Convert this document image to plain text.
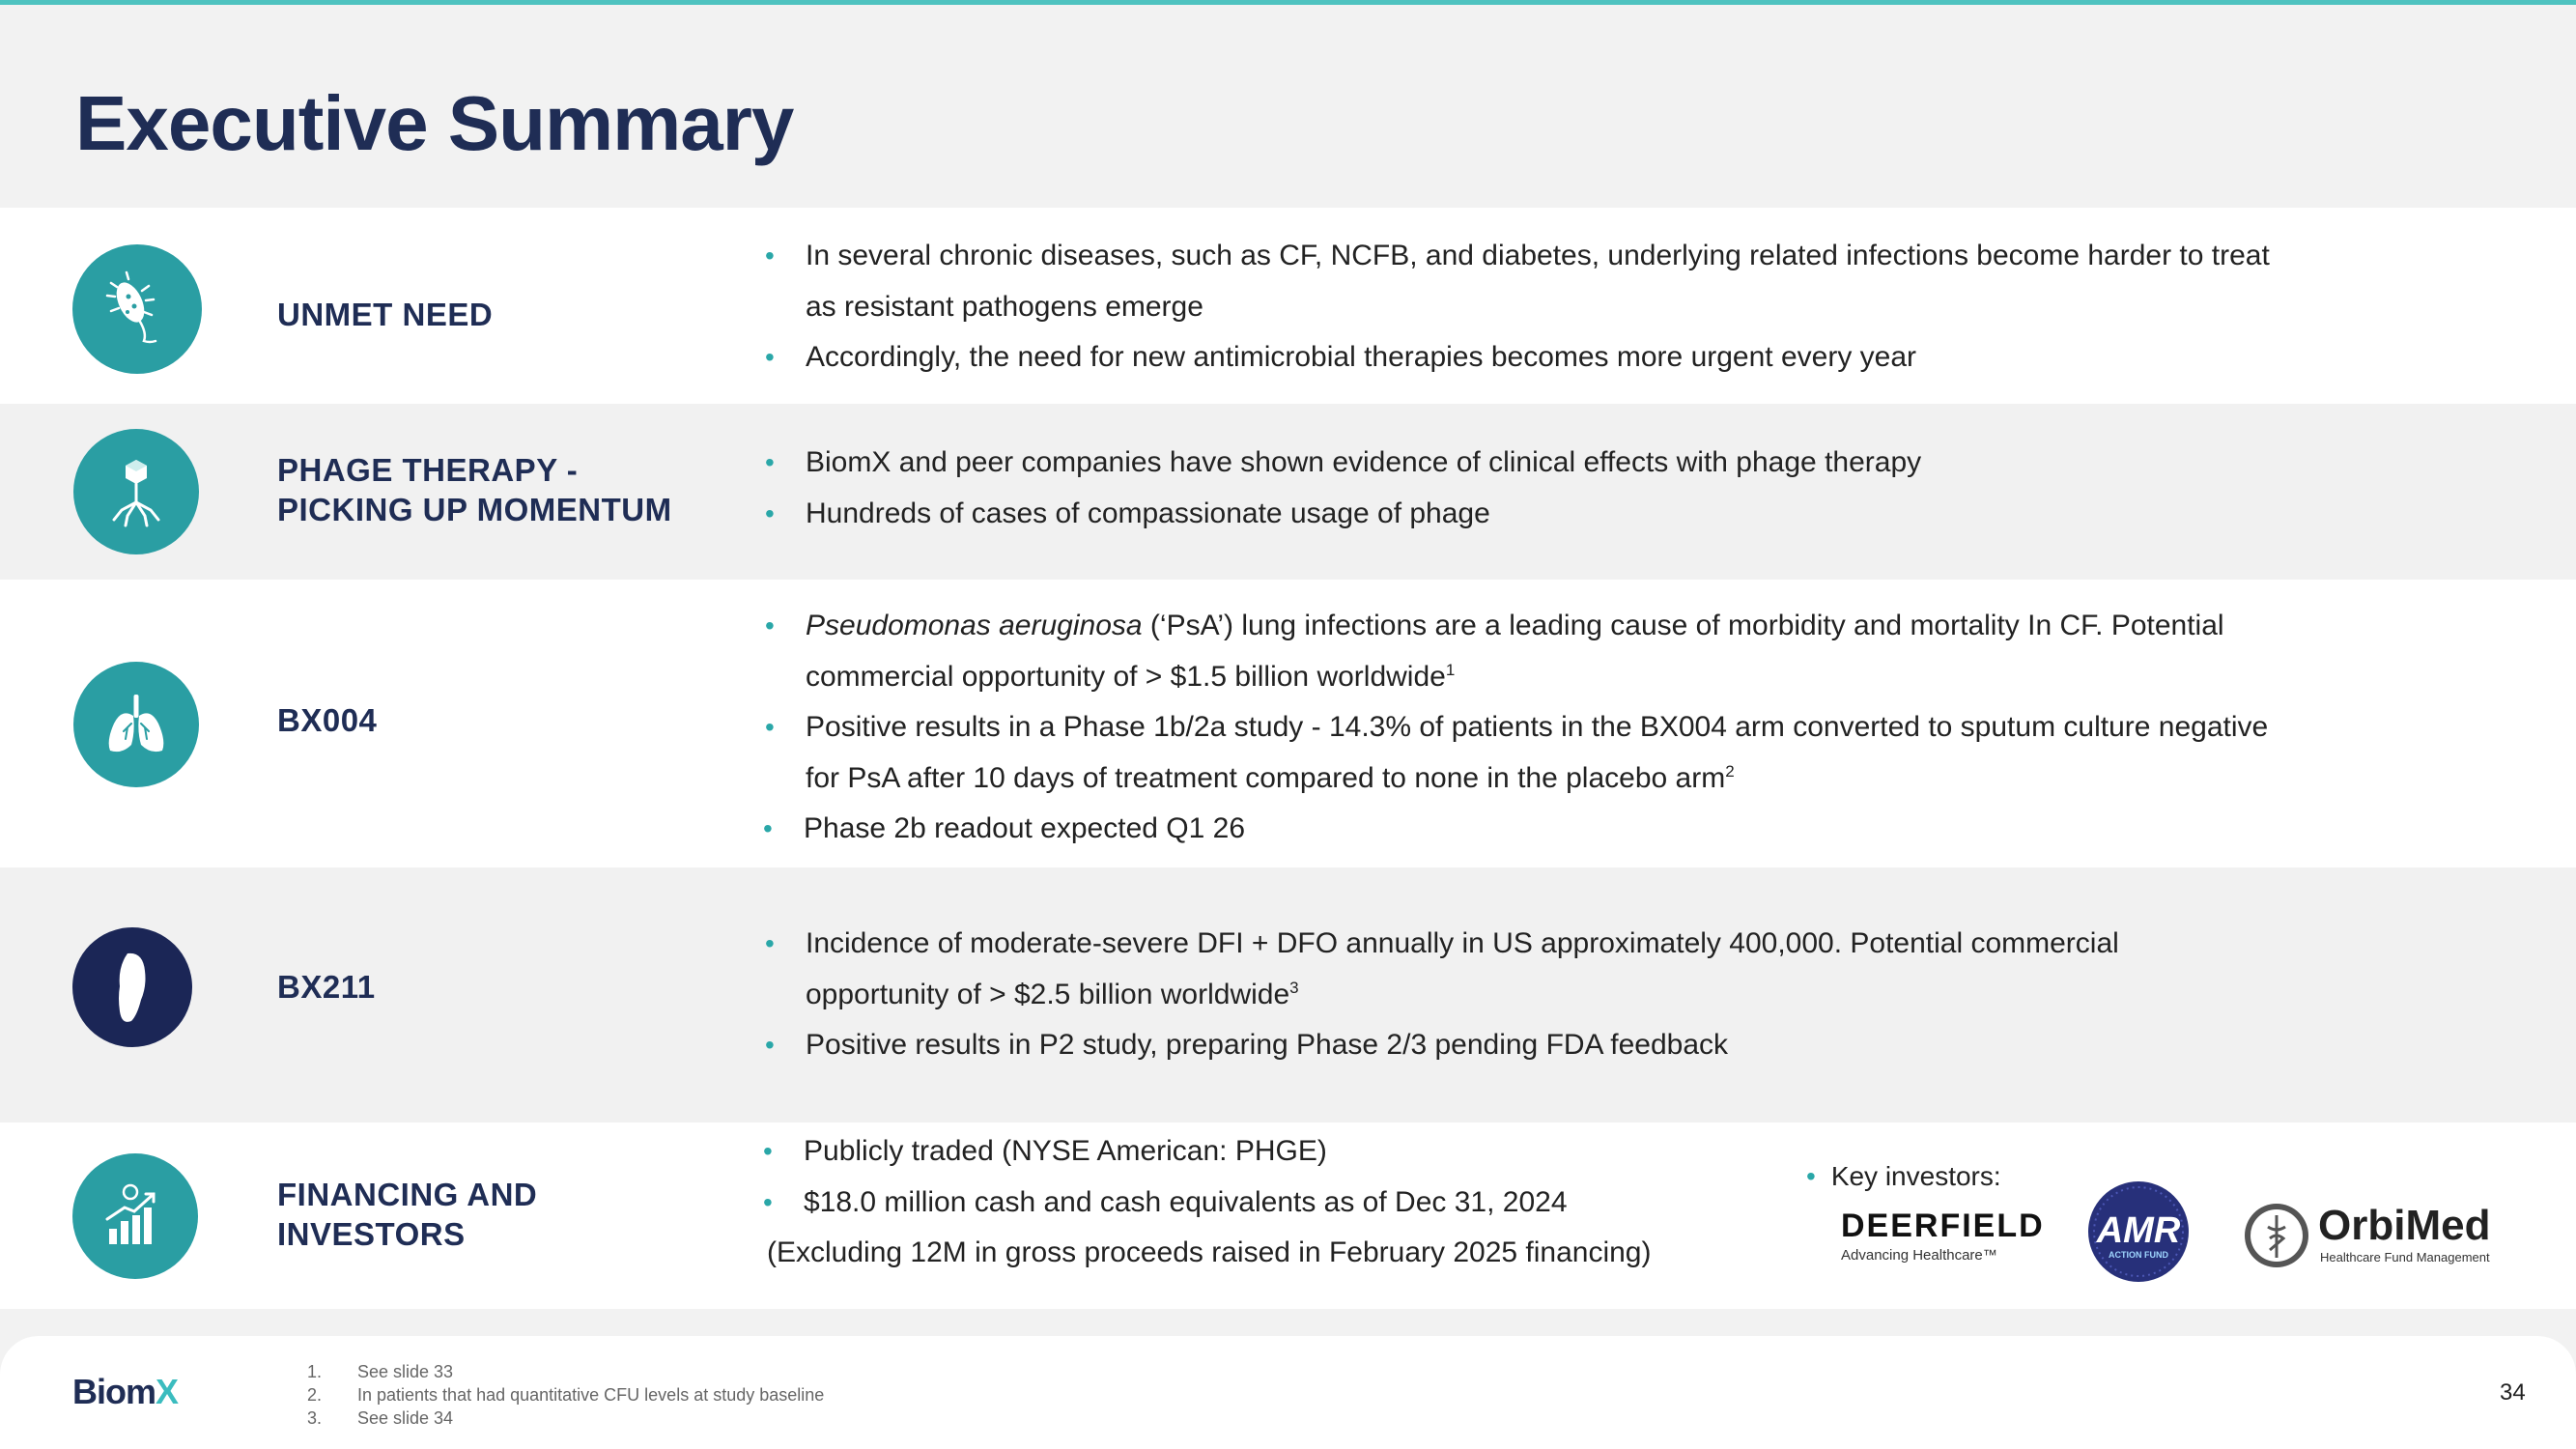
Executive Summary
UNMET NEED
• In several chronic diseases, such as CF, NCFB, and diabetes, underlying related infections become harder to treat as resistant pathogens emerge
• Accordingly, the need for new antimicrobial therapies becomes more urgent every year
PHAGE THERAPY -
PICKING UP MOMENTUM
• BiomX and peer companies have shown evidence of clinical effects with phage therapy
• Hundreds of cases of compassionate usage of phage
BX004
• Pseudomonas aeruginosa (‘PsA’) lung infections are a leading cause of morbidity and mortality In CF. Potential commercial opportunity of > $1.5 billion worldwide$^1$
• Positive results in a Phase 1b/2a study - 14.3% of patients in the BX004 arm converted to sputum culture negative for PsA after 10 days of treatment compared to none in the placebo arm$^2$
• Phase 2b readout expected Q1 26
BX211
• Incidence of moderate-severe DFI + DFO annually in US approximately 400,000. Potential commercial opportunity of > $2.5 billion worldwide$^3$
• Positive results in P2 study, preparing Phase 2/3 pending FDA feedback
FINANCING AND
INVESTORS
• Publicly traded (NYSE American: PHGE)
• $18.0 million cash and cash equivalents as of Dec 31, 2024
(Excluding 12M in gross proceeds raised in February 2025 financing)
• Key investors:
DEERFIELD
Advancing Healthcare™
AMR
ACTION FUND
OrbiMed
Healthcare Fund Management
BiomX	1. See slide 33
2. In patients that had quantitative CFU levels at study baseline
3. See slide 34
34
